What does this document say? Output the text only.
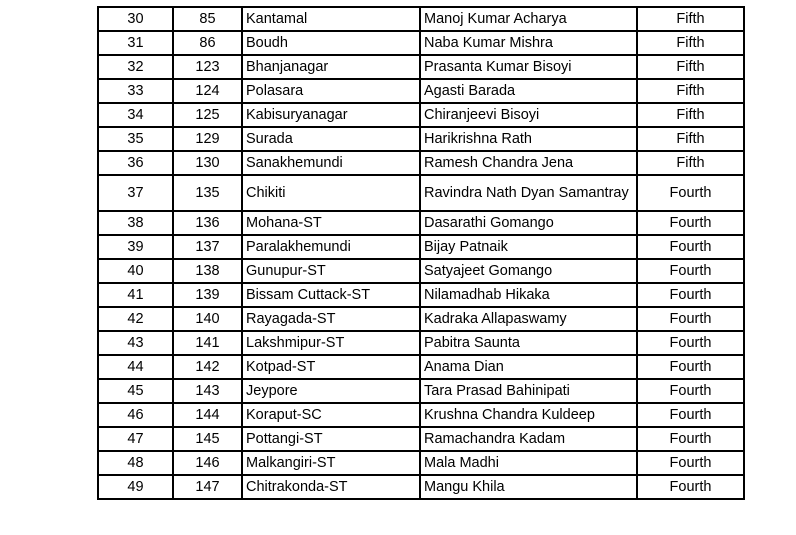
30	85	Kantamal	Manoj Kumar Acharya	Fifth
31	86	Boudh	Naba Kumar Mishra	Fifth
32	123	Bhanjanagar	Prasanta Kumar Bisoyi	Fifth
33	124	Polasara	Agasti Barada	Fifth
34	125	Kabisuryanagar	Chiranjeevi Bisoyi	Fifth
35	129	Surada	Harikrishna Rath	Fifth
36	130	Sanakhemundi	Ramesh Chandra Jena	Fifth
37	135	Chikiti	Ravindra Nath Dyan Samantray	Fourth
38	136	Mohana-ST	Dasarathi Gomango	Fourth
39	137	Paralakhemundi	Bijay Patnaik	Fourth
40	138	Gunupur-ST	Satyajeet Gomango	Fourth
41	139	Bissam Cuttack-ST	Nilamadhab Hikaka	Fourth
42	140	Rayagada-ST	Kadraka Allapaswamy	Fourth
43	141	Lakshmipur-ST	Pabitra Saunta	Fourth
44	142	Kotpad-ST	Anama Dian	Fourth
45	143	Jeypore	Tara Prasad Bahinipati	Fourth
46	144	Koraput-SC	Krushna Chandra Kuldeep	Fourth
47	145	Pottangi-ST	Ramachandra Kadam	Fourth
48	146	Malkangiri-ST	Mala Madhi	Fourth
49	147	Chitrakonda-ST	Mangu Khila	Fourth
